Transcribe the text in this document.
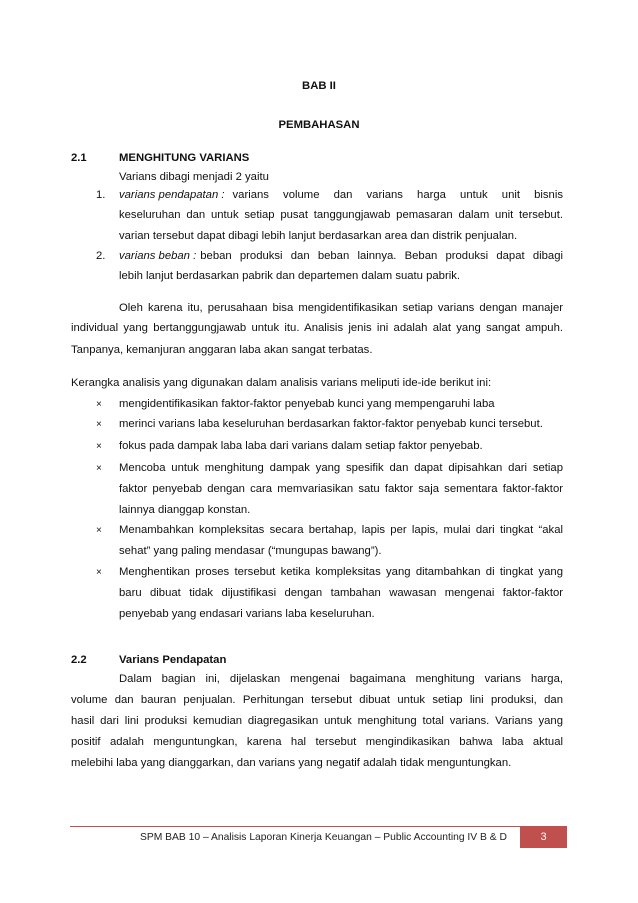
BAB II
PEMBAHASAN
2.1	MENGHITUNG VARIANS
Varians dibagi menjadi 2 yaitu
1. varians pendapatan : varians volume dan varians harga untuk unit bisnis
keseluruhan dan untuk setiap pusat tanggungjawab pemasaran dalam unit tersebut.
varian tersebut dapat dibagi lebih lanjut berdasarkan area dan distrik penjualan.
2. varians beban : beban produksi dan beban lainnya. Beban produksi dapat dibagi
lebih lanjut berdasarkan pabrik dan departemen dalam suatu pabrik.
Oleh karena itu, perusahaan bisa mengidentifikasikan setiap varians dengan manajer
individual yang bertanggungjawab untuk itu. Analisis jenis ini adalah alat yang sangat ampuh.
Tanpanya, kemanjuran anggaran laba akan sangat terbatas.
Kerangka analisis yang digunakan dalam analisis varians meliputi ide-ide berikut ini:
× mengidentifikasikan faktor-faktor penyebab kunci yang mempengaruhi laba
× merinci varians laba keseluruhan berdasarkan faktor-faktor penyebab kunci tersebut.
× fokus pada dampak laba laba dari varians dalam setiap faktor penyebab.
× Mencoba untuk menghitung dampak yang spesifik dan dapat dipisahkan dari setiap
faktor penyebab dengan cara memvariasikan satu faktor saja sementara faktor-faktor
lainnya dianggap konstan.
× Menambahkan kompleksitas secara bertahap, lapis per lapis, mulai dari tingkat “akal
sehat” yang paling mendasar (“mungupas bawang”).
× Menghentikan proses tersebut ketika kompleksitas yang ditambahkan di tingkat yang
baru dibuat tidak dijustifikasi dengan tambahan wawasan mengenai faktor-faktor
penyebab yang endasari varians laba keseluruhan.
2.2	Varians Pendapatan
Dalam bagian ini, dijelaskan mengenai bagaimana menghitung varians harga,
volume dan bauran penjualan. Perhitungan tersebut dibuat untuk setiap lini produksi, dan
hasil dari lini produksi kemudian diagregasikan untuk menghitung total varians. Varians yang
positif adalah menguntungkan, karena hal tersebut mengindikasikan bahwa laba aktual
melebihi laba yang dianggarkan, dan varians yang negatif adalah tidak menguntungkan.
SPM BAB 10 – Analisis Laporan Kinerja Keuangan – Public Accounting IV B & D	3
